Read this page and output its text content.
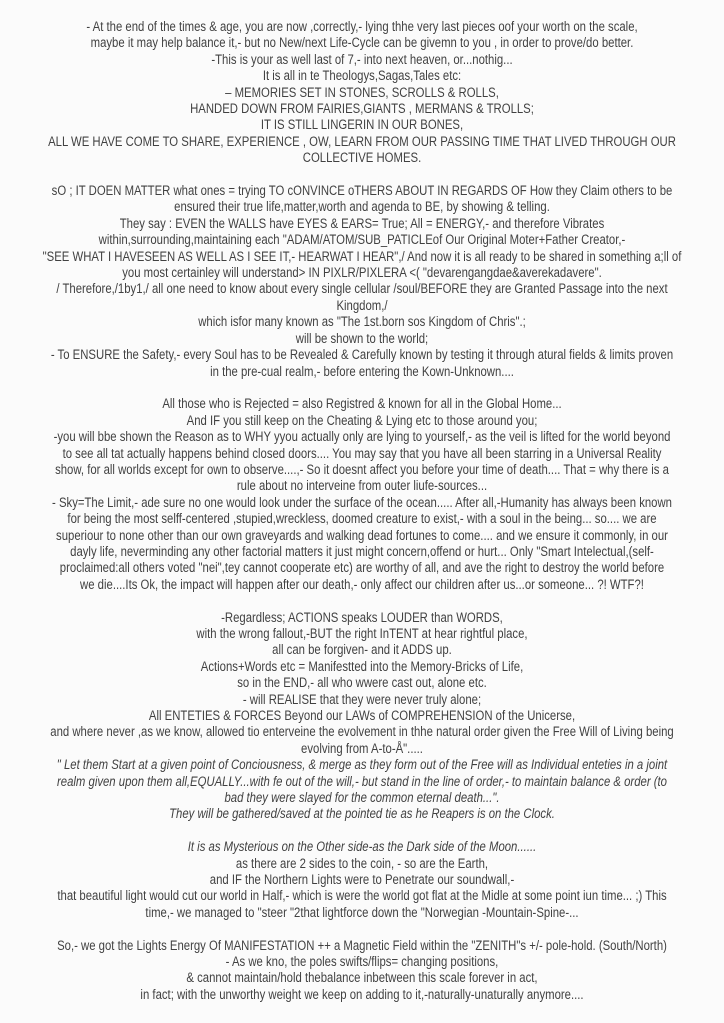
- At the end of the times & age, you are now ,correctly,- lying thhe very last pieces oof your worth on the scale,
maybe it may help balance it,- but no New/next Life-Cycle can be givemn to you , in order to prove/do better.
-This is your as well last of 7,- into next heaven, or...nothig...
It is all in te Theologys,Sagas,Tales etc:
– MEMORIES SET IN STONES, SCROLLS & ROLLS,
HANDED DOWN FROM FAIRIES,GIANTS , MERMANS & TROLLS;
IT IS STILL LINGERIN IN OUR BONES,
ALL WE HAVE COME TO SHARE, EXPERIENCE , OW, LEARN FROM OUR PASSING TIME THAT LIVED THROUGH OUR
COLLECTIVE HOMES.
sO ; IT DOEN MATTER what ones = trying TO cONVINCE oTHERS ABOUT IN REGARDS OF How they Claim others to be
ensured their true life,matter,worth and agenda to BE, by showing & telling.
They say : EVEN the WALLS have EYES & EARS= True; All = ENERGY,- and therefore Vibrates
within,surrounding,maintaining each "ADAM/ATOM/SUB_PATICLEof Our Original Moter+Father Creator,-
"SEE WHAT I HAVESEEN AS WELL AS I SEE IT,- HEARWAT I HEAR",/ And now it is all ready to be shared in something a;ll of
you most certainley will understand> IN PIXLR/PIXLERA <( "devarengangdae&averekadavere".
/ Therefore,/1by1,/ all one need to know about every single cellular /soul/BEFORE they are Granted Passage into the next
Kingdom,/
which isfor many known as "The 1st.born sos Kingdom of Chris".;
will be shown to the world;
- To ENSURE the Safety,- every Soul has to be Revealed & Carefully known by testing it through atural fields & limits proven
in the pre-cual realm,- before entering the Kown-Unknown....
All those who is Rejected = also Registred & known for all in the Global Home...
And IF you still keep on the Cheating & Lying etc to those around you;
-you will bbe shown the Reason as to WHY yyou actually only are lying to yourself,- as the veil is lifted for the world beyond
to see all tat actually happens behind closed doors.... You may say that you have all been starring in a Universal Reality
show, for all worlds except for own to observe....,- So it doesnt affect you before your time of death.... That = why there is a
rule about no interveine from outer liufe-sources...
- Sky=The Limit,- ade sure no one would look under the surface of the ocean..... After all,-Humanity has always been known
for being the most selff-centered ,stupied,wreckless, doomed creature to exist,- with a soul in the being... so.... we are
superiour to none other than our own graveyards and walking dead fortunes to come.... and we ensure it commonly, in our
dayly life, neverminding any other factorial matters it just might concern,offend or hurt... Only "Smart Intelectual,(self-
proclaimed:all others voted "nei",tey cannot cooperate etc) are worthy of all, and ave the right to destroy the world before
we die....Its Ok, the impact will happen after our death,- only affect our children after us...or someone... ?! WTF?!
-Regardless; ACTIONS speaks LOUDER than WORDS,
with the wrong fallout,-BUT the right InTENT at hear rightful place,
all can be forgiven- and it ADDS up.
Actions+Words etc = Manifestted into the Memory-Bricks of Life,
so in the END,- all who wwere cast out, alone etc.
- will REALISE that they were never truly alone;
All ENTETIES & FORCES Beyond our LAWs of COMPREHENSION of the Unicerse,
and where never ,as we know, allowed tio enterveine the evolvement in thhe natural order given the Free Will of Living being
evolving from A-to-Å".....
" Let them Start at a given point of Conciousness, & merge as they form out of the Free will as Individual enteties in a joint
realm given upon them all,EQUALLY...with fe out of the will,- but stand in the line of order,- to maintain balance & order (to
bad they were slayed for the common eternal death...".
They will be gathered/saved at the pointed tie as he Reapers is on the Clock.
It is as Mysterious on the Other side-as the Dark side of the Moon......
as there are 2 sides to the coin, - so are the Earth,
and IF the Northern Lights were to Penetrate our soundwall,-
that beautiful light would cut our world in Half,- which is were the world got flat at the Midle at some point iun time... ;) This
time,- we managed to "steer "2that lightforce down the "Norwegian -Mountain-Spine-...
So,- we got the Lights Energy Of MANIFESTATION ++ a Magnetic Field within the "ZENITH"s +/- pole-hold. (South/North)
- As we kno, the poles swifts/flips= changing positions,
& cannot maintain/hold thebalance inbetween this scale forever in act,
in fact; with the unworthy weight we keep on adding to it,-naturally-unaturally anymore....
